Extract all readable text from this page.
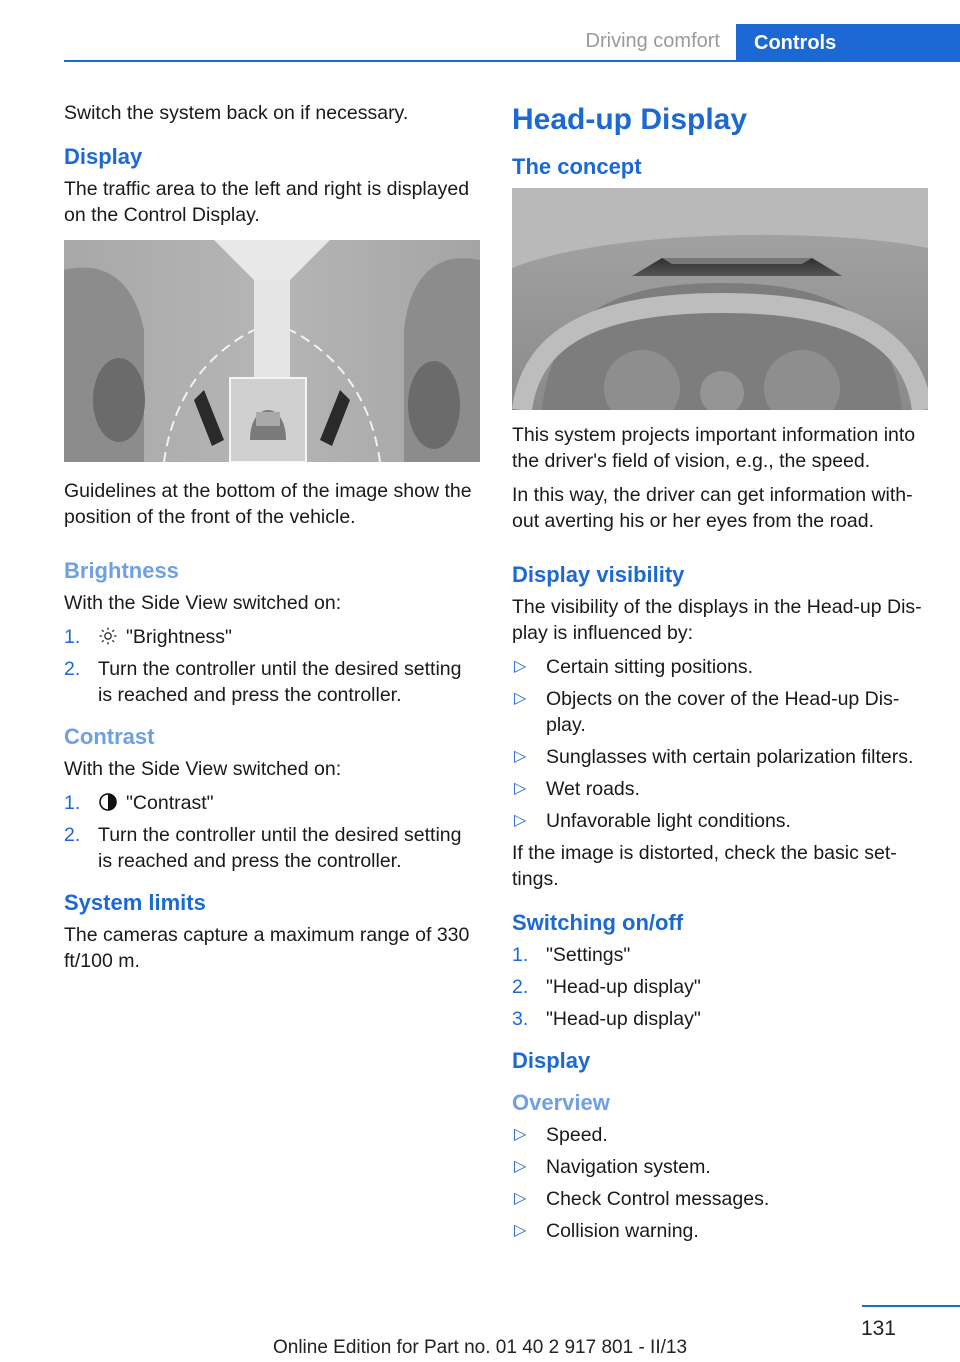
Driving comfort	Controls

Switch the system back on if necessary.

Display

The traffic area to the left and right is displayed on the Control Display.

Guidelines at the bottom of the image show the position of the front of the vehicle.

Brightness

With the Side View switched on:

1. "Brightness"
2. Turn the controller until the desired setting is reached and press the controller.
Contrast

With the Side View switched on:

1. "Contrast"
2. Turn the controller until the desired setting is reached and press the controller.
System limits

The cameras capture a maximum range of 330 ft/100 m.

Head-up Display
The concept

This system projects important information into the driver's field of vision, e.g., the speed.

In this way, the driver can get information with-out averting his or her eyes from the road.

Display visibility

The visibility of the displays in the Head-up Dis-play is influenced by:

▷ Certain sitting positions.
▷ Objects on the cover of the Head-up Dis-play.
▷ Sunglasses with certain polarization filters.
▷ Wet roads.
▷ Unfavorable light conditions.

If the image is distorted, check the basic set-tings.

Switching on/off
1. "Settings"
2. "Head-up display"
3. "Head-up display"
Display
Overview
▷ Speed.
▷ Navigation system.
▷ Check Control messages.
▷ Collision warning.
131
Online Edition for Part no. 01 40 2 917 801 - II/13
